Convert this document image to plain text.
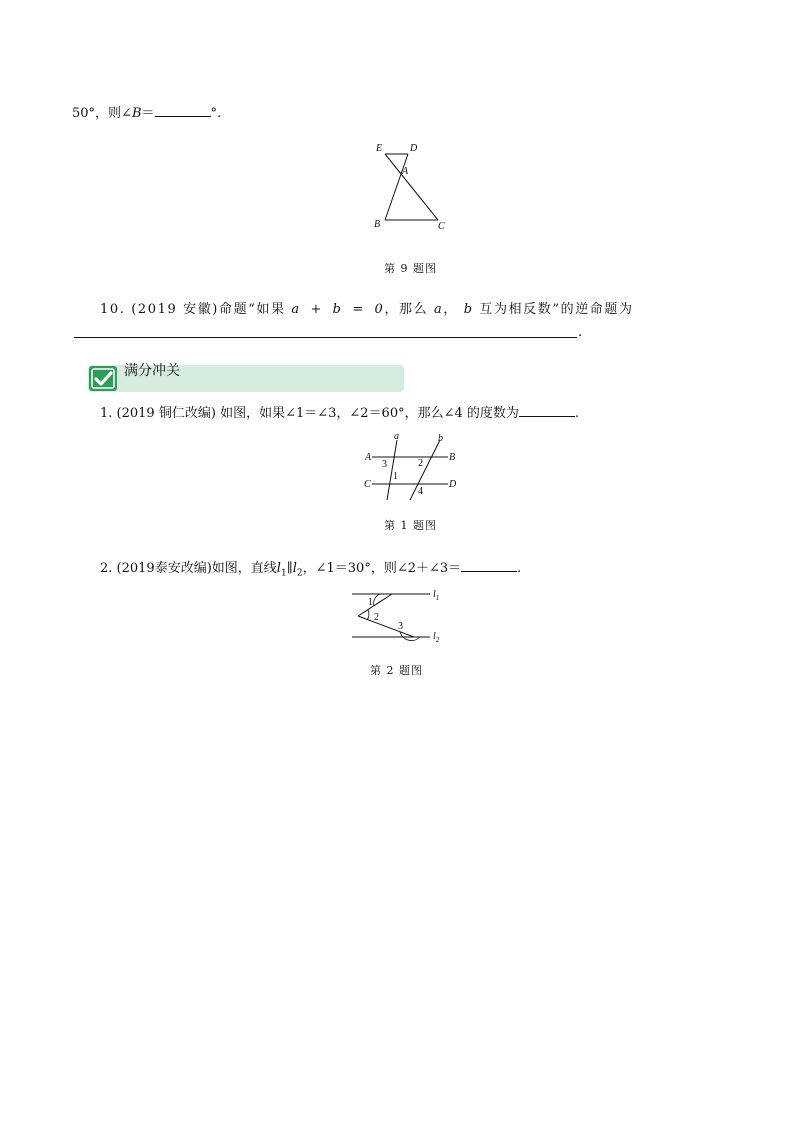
50°，则∠B＝	°.
E	D
A
B	C
第 9 题图
10. (2019 安徽)命题“如果 a + b = 0，那么 a， b 互为相反数”的逆命题为
.
满分冲关
1. (2019 铜仁改编) 如图，如果∠1＝∠3，∠2＝60°，那么∠4 的度数为	.
a	b
A	B
C	D
3	2
1
4
第 1 题图
2. (2019泰安改编)如图，直线$l_1\parallel l_2$，∠1＝30°，则∠2＋∠3＝	.
1
2
3
$l_1$
$l_2$
第 2 题图
